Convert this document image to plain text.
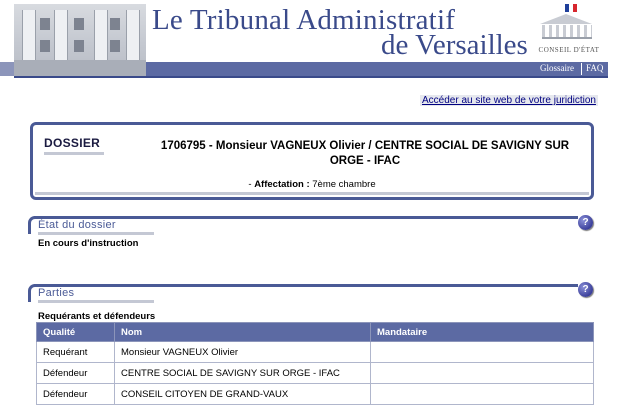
Le Tribunal Administratif
de Versailles	CONSEIL D'ÉTAT
Glossaire FAQ
Accéder au site web de votre juridiction
DOSSIER	1706795 - Monsieur VAGNEUX Olivier / CENTRE SOCIAL DE SAVIGNY SUR ORGE - IFAC
- Affectation : 7ème chambre
État du dossier	?
En cours d'instruction
Parties	?
Requérants et défendeurs
Qualité	Nom	Mandataire
Requérant	Monsieur VAGNEUX Olivier	
Défendeur	CENTRE SOCIAL DE SAVIGNY SUR ORGE - IFAC	
Défendeur	CONSEIL CITOYEN DE GRAND-VAUX	
